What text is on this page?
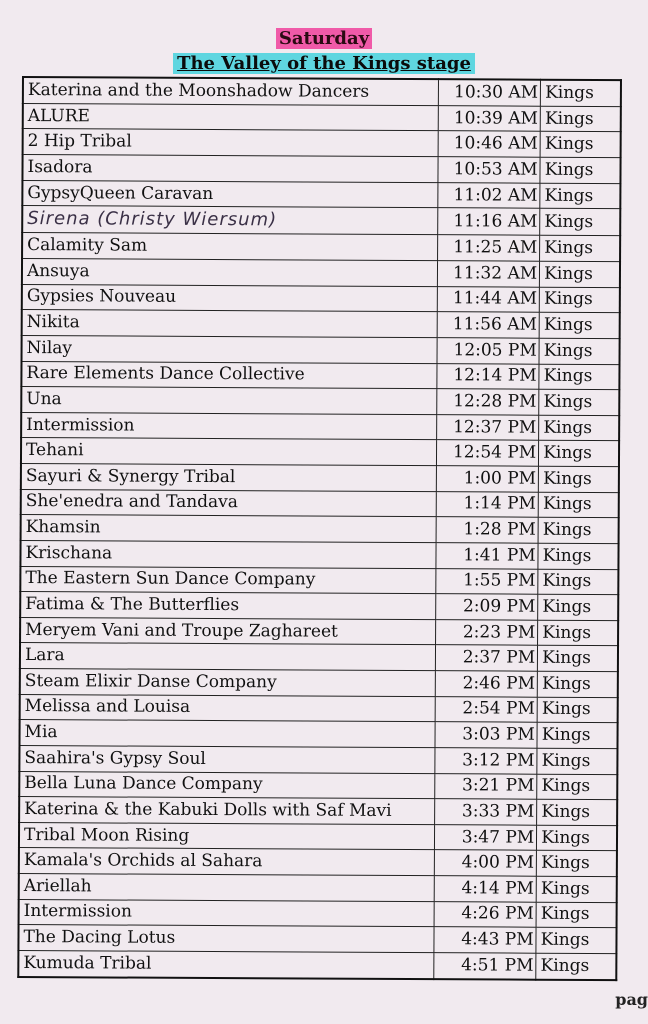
Saturday
The Valley of the Kings stage
Katerina and the Moonshadow Dancers	10:30 AM	Kings
ALURE	10:39 AM	Kings
2 Hip Tribal	10:46 AM	Kings
Isadora	10:53 AM	Kings
GypsyQueen Caravan	11:02 AM	Kings
Sirena (Christy Wiersum)	11:16 AM	Kings
Calamity Sam	11:25 AM	Kings
Ansuya	11:32 AM	Kings
Gypsies Nouveau	11:44 AM	Kings
Nikita	11:56 AM	Kings
Nilay	12:05 PM	Kings
Rare Elements Dance Collective	12:14 PM	Kings
Una	12:28 PM	Kings
Intermission	12:37 PM	Kings
Tehani	12:54 PM	Kings
Sayuri & Synergy Tribal	1:00 PM	Kings
She'enedra and Tandava	1:14 PM	Kings
Khamsin	1:28 PM	Kings
Krischana	1:41 PM	Kings
The Eastern Sun Dance Company	1:55 PM	Kings
Fatima & The Butterflies	2:09 PM	Kings
Meryem Vani and Troupe Zaghareet	2:23 PM	Kings
Lara	2:37 PM	Kings
Steam Elixir Danse Company	2:46 PM	Kings
Melissa and Louisa	2:54 PM	Kings
Mia	3:03 PM	Kings
Saahira's Gypsy Soul	3:12 PM	Kings
Bella Luna Dance Company	3:21 PM	Kings
Katerina & the Kabuki Dolls with Saf Mavi	3:33 PM	Kings
Tribal Moon Rising	3:47 PM	Kings
Kamala's Orchids al Sahara	4:00 PM	Kings
Ariellah	4:14 PM	Kings
Intermission	4:26 PM	Kings
The Dacing Lotus	4:43 PM	Kings
Kumuda Tribal	4:51 PM	Kings
pag
